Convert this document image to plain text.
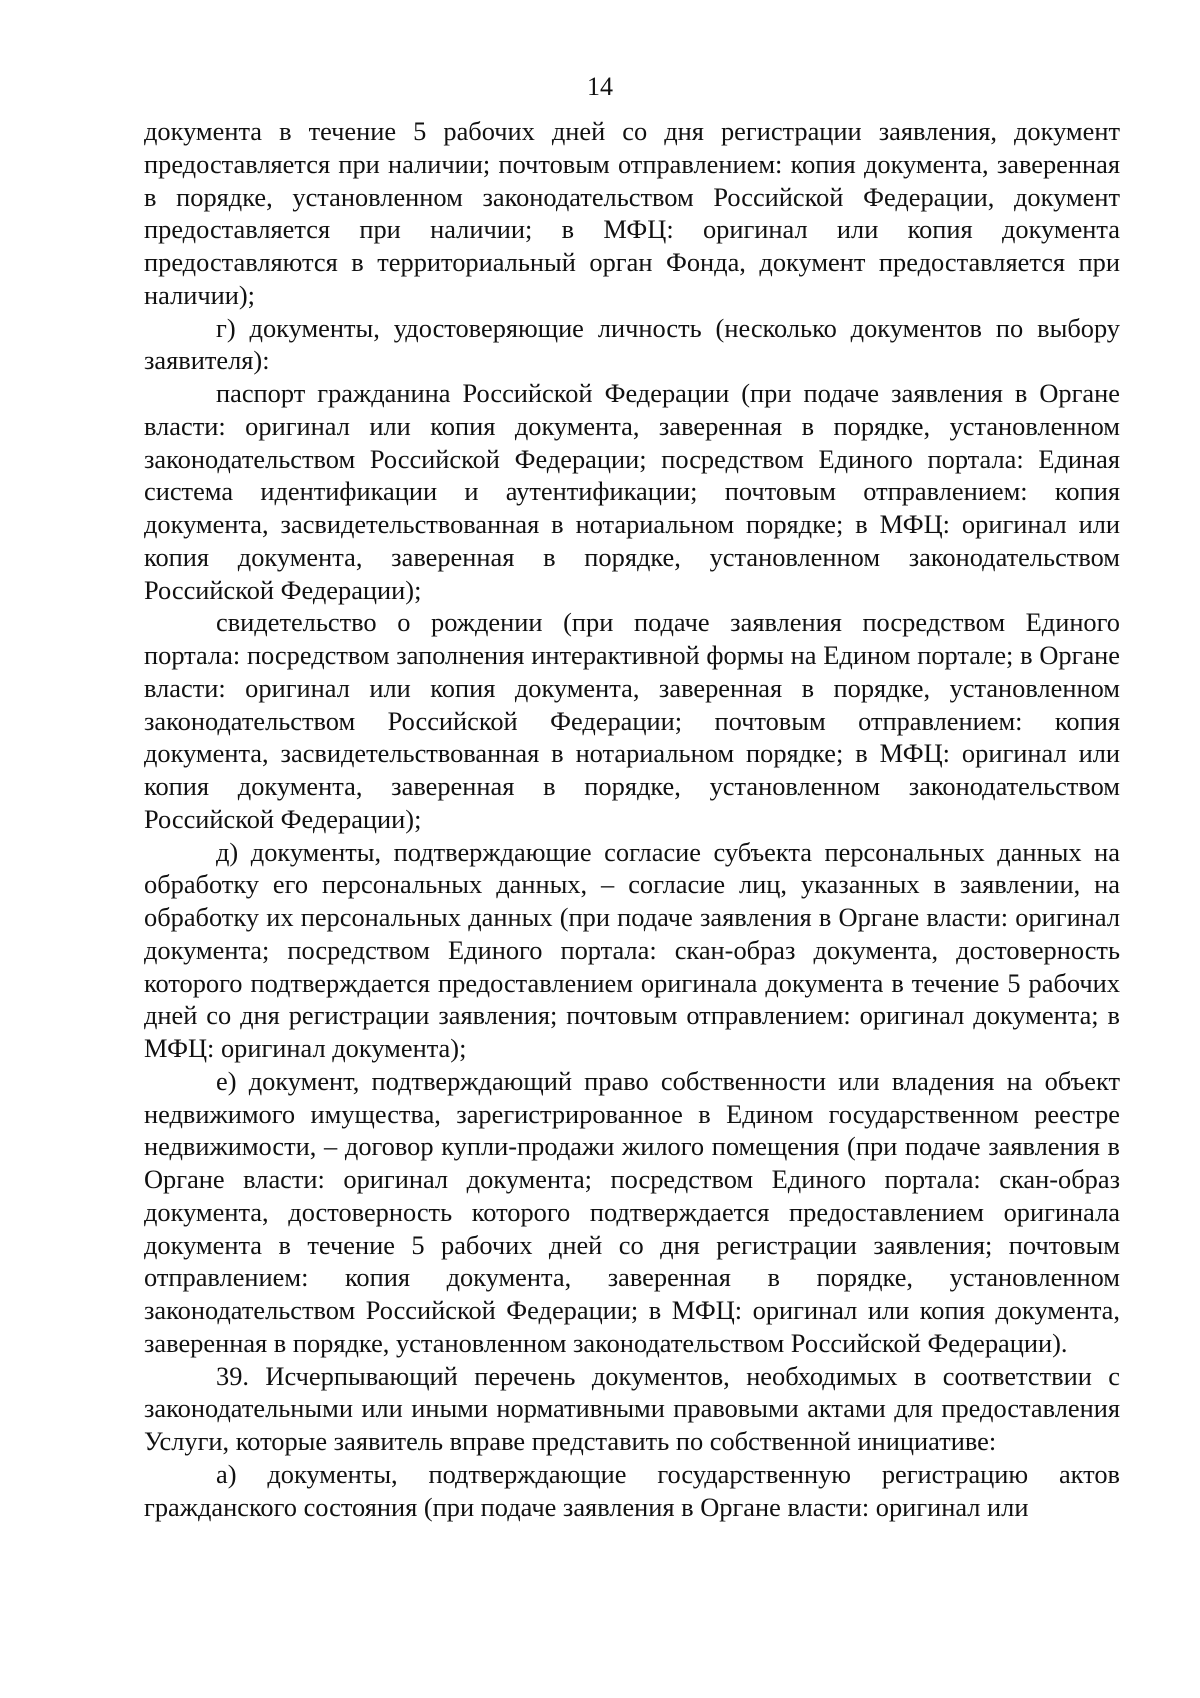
14

документа в течение 5 рабочих дней со дня регистрации заявления, документ предоставляется при наличии; почтовым отправлением: копия документа, заверенная в порядке, установленном законодательством Российской Федерации, документ предоставляется при наличии; в МФЦ: оригинал или копия документа предоставляются в территориальный орган Фонда, документ предоставляется при наличии);

г) документы, удостоверяющие личность (несколько документов по выбору заявителя):

паспорт гражданина Российской Федерации (при подаче заявления в Органе власти: оригинал или копия документа, заверенная в порядке, установленном законодательством Российской Федерации; посредством Единого портала: Единая система идентификации и аутентификации; почтовым отправлением: копия документа, засвидетельствованная в нотариальном порядке; в МФЦ: оригинал или копия документа, заверенная в порядке, установленном законодательством Российской Федерации);

свидетельство о рождении (при подаче заявления посредством Единого портала: посредством заполнения интерактивной формы на Едином портале; в Органе власти: оригинал или копия документа, заверенная в порядке, установленном законодательством Российской Федерации; почтовым отправлением: копия документа, засвидетельствованная в нотариальном порядке; в МФЦ: оригинал или копия документа, заверенная в порядке, установленном законодательством Российской Федерации);

д) документы, подтверждающие согласие субъекта персональных данных на обработку его персональных данных, – согласие лиц, указанных в заявлении, на обработку их персональных данных (при подаче заявления в Органе власти: оригинал документа; посредством Единого портала: скан-образ документа, достоверность которого подтверждается предоставлением оригинала документа в течение 5 рабочих дней со дня регистрации заявления; почтовым отправлением: оригинал документа; в МФЦ: оригинал документа);

е) документ, подтверждающий право собственности или владения на объект недвижимого имущества, зарегистрированное в Едином государственном реестре недвижимости, – договор купли-продажи жилого помещения (при подаче заявления в Органе власти: оригинал документа; посредством Единого портала: скан-образ документа, достоверность которого подтверждается предоставлением оригинала документа в течение 5 рабочих дней со дня регистрации заявления; почтовым отправлением: копия документа, заверенная в порядке, установленном законодательством Российской Федерации; в МФЦ: оригинал или копия документа, заверенная в порядке, установленном законодательством Российской Федерации).

39. Исчерпывающий перечень документов, необходимых в соответствии с законодательными или иными нормативными правовыми актами для предоставления Услуги, которые заявитель вправе представить по собственной инициативе:

а) документы, подтверждающие государственную регистрацию актов гражданского состояния (при подаче заявления в Органе власти: оригинал или
